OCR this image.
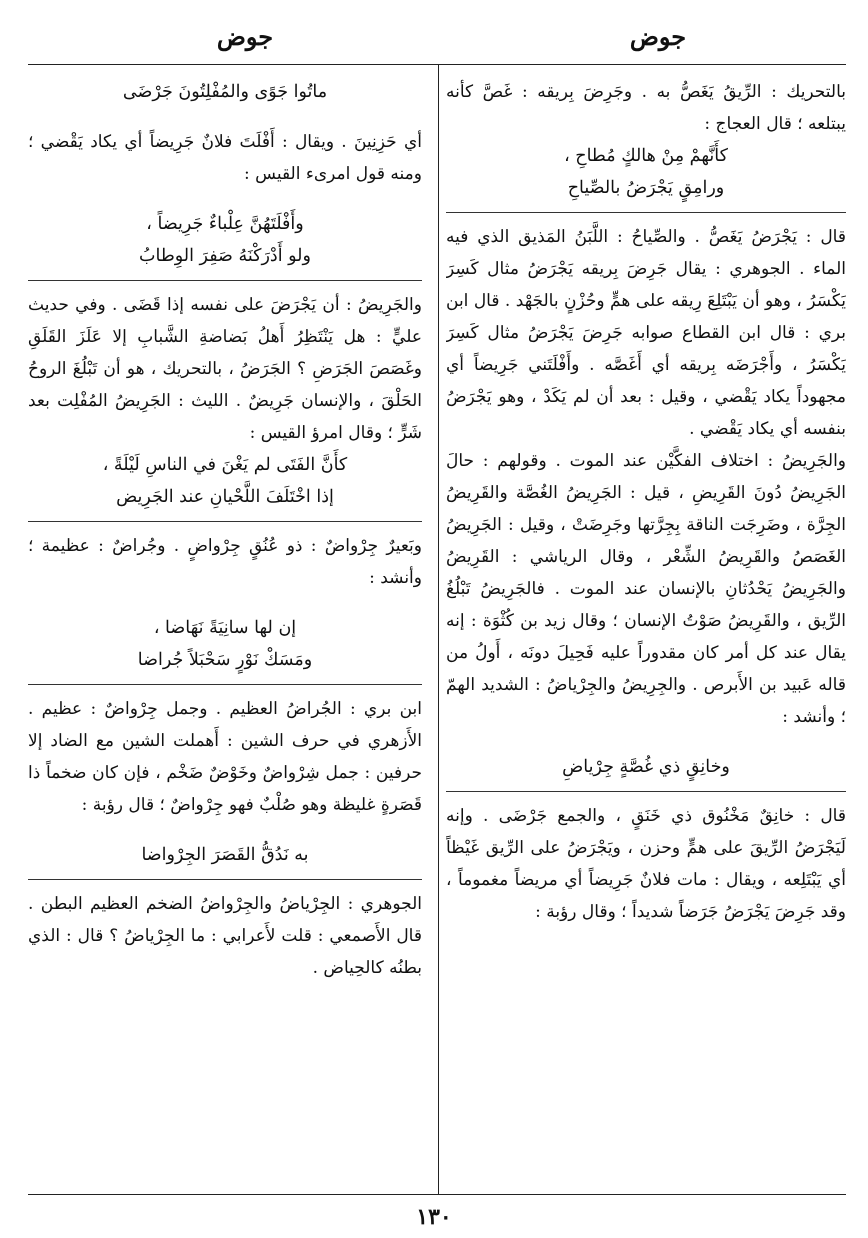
جوض
جوض

بالتحريك : الرِّيقُ يَغَصُّ به . وجَرِضَ بِريقه : غَصَّ كأنه يبتلعه ؛ قال العجاج :

كأَنَّهمْ مِنْ هالكٍ مُطاحِ ،

ورامِقٍ يَجْرَضُ بالصِّياحِ

قال : يَجْرَضُ يَغَصُّ . والصِّياحُ : اللَّبَنُ المَذيق الذي فيه الماء . الجوهري : يقال جَرِضَ بِريقه يَجْرَضُ مثال كَسِرَ يَكْسَرُ ، وهو أن يَبْتَلِعَ رِيقه على همٍّ وحُزْنٍ بالجَهْد . قال ابن بري : قال ابن القطاع صوابه جَرِضَ يَجْرَضُ مثال كَسِرَ يَكْسَرُ ، وأَجْرَضَه بِريقه أي أَغَصَّه . وأَفْلَتَني جَرِيضاً أي مجهوداً يكاد يَقْضي ، وقيل : بعد أن لم يَكَدْ ، وهو يَجْرَضُ بنفسه أي يكاد يَقْضي .

والجَرِيضُ : اختلاف الفكَّيْن عند الموت . وقولهم : حالَ الجَرِيضُ دُونَ القَرِيضِ ، قيل : الجَرِيضُ الغُصَّة والقَرِيضُ الجِرَّة ، وضَرِجَت الناقة بِجِرَّتها وجَرِضَتْ ، وقيل : الجَرِيضُ الغَصَصُ والقَرِيضُ الشِّعْر ، وقال الرياشي : القَرِيضُ والجَرِيضُ يَحْدُثانِ بالإنسان عند الموت . فالجَرِيضُ تَبْلُغُ الرِّيق ، والقَرِيضُ صَوْتُ الإنسان ؛ وقال زيد بن كُثْوَة : إنه يقال عند كل أمر كان مقدوراً عليه فَحِيلَ دونَه ، أَولُ من قاله عَبيد بن الأَبرص . والجِرِيضُ والجِرْياضُ : الشديد الهمّ ؛ وأنشد :

وخانِقٍ ذي غُصَّةٍ جِرْياضِ

قال : خانِقٌ مَخْنُوق ذي خَنَقٍ ، والجمع جَرْضَى . وإنه لَيَجْرَضُ الرِّيقَ على همٍّ وحزن ، ويَجْرَضُ على الرِّيق غَيْظاً أي يَبْتَلِعه ، ويقال : مات فلانٌ جَرِيضاً أي مريضاً مغموماً ، وقد جَرِضَ يَجْرَضُ جَرَضاً شديداً ؛ وقال رؤبة :

ماتُوا جَوًى والمُفْلِتُونَ جَرْضَى

أي حَزِنِينَ . ويقال : أَفْلَتَ فلانٌ جَرِيضاً أي يكاد يَقْضي ؛ ومنه قول امرىء القيس :

وأَفْلَتَهُنَّ عِلْباءٌ جَرِيضاً ،

ولو أَدْرَكْنَهُ صَفِرَ الوِطابُ

والجَرِيضُ : أن يَجْرَضَ على نفسه إذا قَضَى . وفي حديث عليٍّ : هل يَنْتَظِرُ أَهلُ بَضاضةِ الشَّبابِ إلا عَلَزَ القَلَقِ وغَصَصَ الجَرَضِ ؟ الجَرَضُ ، بالتحريك ، هو أن تَبْلُغَ الروحُ الحَلْقَ ، والإنسان جَرِيضٌ . الليث : الجَرِيضُ المُفْلِت بعد شَرٍّ ؛ وقال امرؤ القيس :

كأَنَّ الفَتَى لم يَغْنَ في الناسِ لَيْلَةً ،

إذا اخْتَلَفَ اللَّحْيانِ عند الجَرِيض

وبَعيرٌ جِرْواضٌ : ذو عُنُقٍ جِرْواضٍ . وجُراضٌ : عظيمة ؛ وأنشد :

إن لها سانِيَةً نَهَاضا ،

ومَسَكْ نَوْرٍ سَحْبَلاً جُراضا

ابن بري : الجُراضُ العظيم . وجمل جِرْواضٌ : عظيم . الأَزهري في حرف الشين : أَهملت الشين مع الضاد إلا حرفين : جمل شِرْواضٌ وخَوْضٌ ضَخْم ، فإن كان ضخماً ذا قَصَرةٍ غليظة وهو صُلْبٌ فهو جِرْواضٌ ؛ قال رؤبة :

به نَدُقُّ القَصَرَ الجِرْواضا

الجوهري : الجِرْياضُ والجِرْواضُ الضخم العظيم البطن . قال الأَصمعي : قلت لأَعرابي : ما الجِرْياضُ ؟ قال : الذي بطنُه كالحِياض .

١٣٠
